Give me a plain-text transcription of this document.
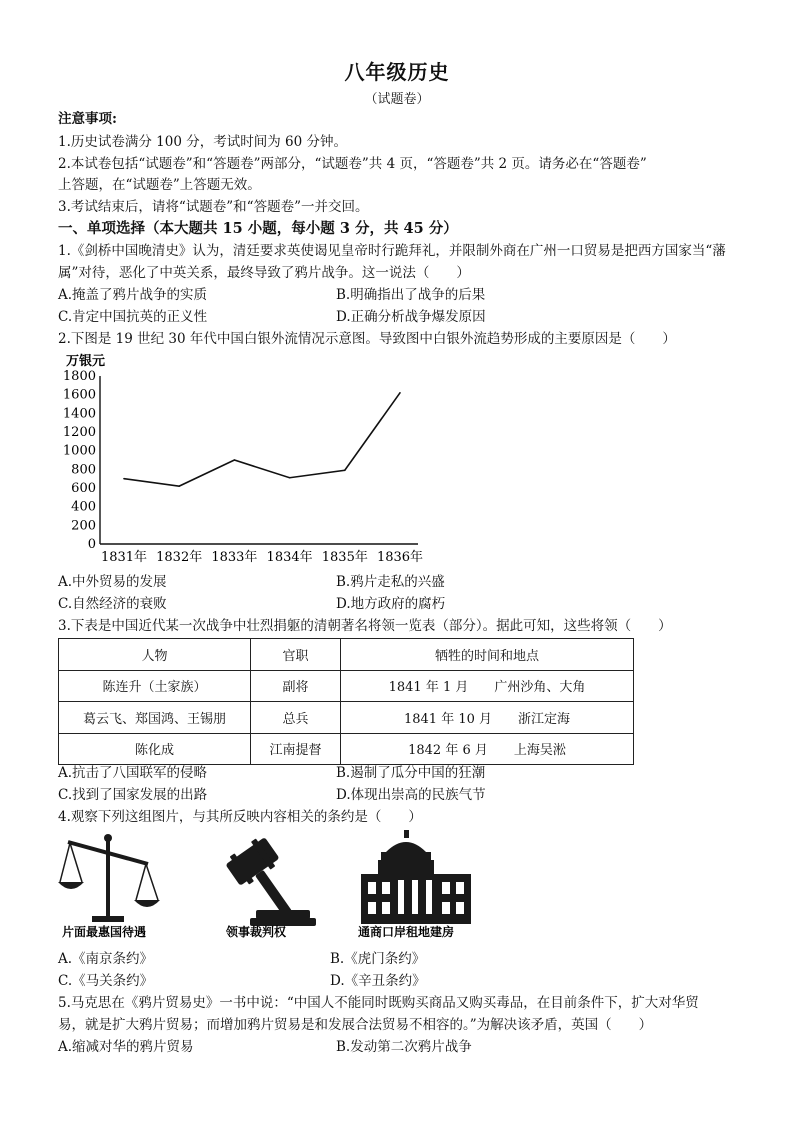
八年级历史
（试题卷）
注意事项:
1.历史试卷满分 100 分，考试时间为 60 分钟。
2.本试卷包括“试题卷”和“答题卷”两部分，“试题卷”共 4 页，“答题卷”共 2 页。请务必在“答题卷”
上答题，在“试题卷”上答题无效。
3.考试结束后，请将“试题卷”和“答题卷”一并交回。
一、单项选择（本大题共 15 小题，每小题 3 分，共 45 分）
1.《剑桥中国晚清史》认为，清廷要求英使谒见皇帝时行跪拜礼，并限制外商在广州一口贸易是把西方国家当“藩
属”对待，恶化了中英关系，最终导致了鸦片战争。这一说法（　　）
A.掩盖了鸦片战争的实质	B.明确指出了战争的后果
C.肯定中国抗英的正义性	D.正确分析战争爆发原因
2.下图是 19 世纪 30 年代中国白银外流情况示意图。导致图中白银外流趋势形成的主要原因是（　　）
万银元
0
200
400
600
800
1000
1200
1400
1600
1800
1831年 1832年 1833年 1834年 1835年 1836年
A.中外贸易的发展	B.鸦片走私的兴盛
C.自然经济的衰败	D.地方政府的腐朽
3.下表是中国近代某一次战争中壮烈捐躯的清朝著名将领一览表（部分）。据此可知，这些将领（　　）
人物	官职	牺牲的时间和地点
陈连升（土家族）	副将	1841 年 1 月　　广州沙角、大角
葛云飞、郑国鸿、王锡朋	总兵	1841 年 10 月　　浙江定海
陈化成	江南提督	1842 年 6 月　　上海吴淞
A.抗击了八国联军的侵略	B.遏制了瓜分中国的狂潮
C.找到了国家发展的出路	D.体现出崇高的民族气节
4.观察下列这组图片，与其所反映内容相关的条约是（　　）
片面最惠国待遇	领事裁判权	通商口岸租地建房
A.《南京条约》	B.《虎门条约》
C.《马关条约》	D.《辛丑条约》
5.马克思在《鸦片贸易史》一书中说：“中国人不能同时既购买商品又购买毒品，在目前条件下，扩大对华贸
易，就是扩大鸦片贸易；而增加鸦片贸易是和发展合法贸易不相容的。”为解决该矛盾，英国（　　）
A.缩减对华的鸦片贸易	B.发动第二次鸦片战争
